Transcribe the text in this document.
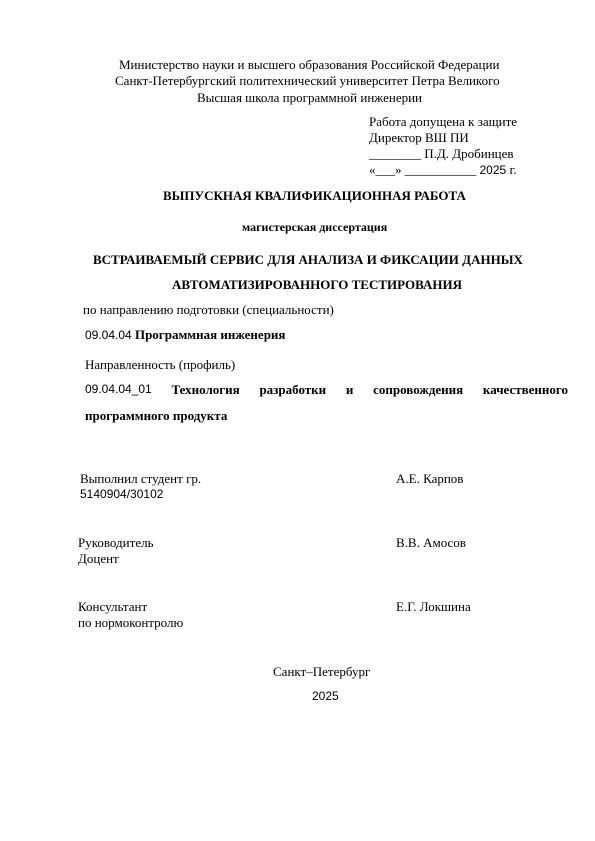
Министерство науки и высшего образования Российской Федерации
Санкт-Петербургский политехнический университет Петра Великого
Высшая школа программной инженерии
Работа допущена к защите
Директор ВШ ПИ
________ П.Д. Дробинцев
«___» ___________ 2025 г.
ВЫПУСКНАЯ КВАЛИФИКАЦИОННАЯ РАБОТА
магистерская диссертация
ВСТРАИВАЕМЫЙ СЕРВИС ДЛЯ АНАЛИЗА И ФИКСАЦИИ ДАННЫХ
АВТОМАТИЗИРОВАННОГО ТЕСТИРОВАНИЯ
по направлению подготовки (специальности)
09.04.04 Программная инженерия
Направленность (профиль)
09.04.04_01 Технология разработки и сопровождения качественного
программного продукта
Выполнил студент гр.
5140904/30102
А.Е. Карпов
Руководитель
Доцент
В.В. Амосов
Консультант
по нормоконтролю
Е.Г. Локшина
Санкт–Петербург
2025
